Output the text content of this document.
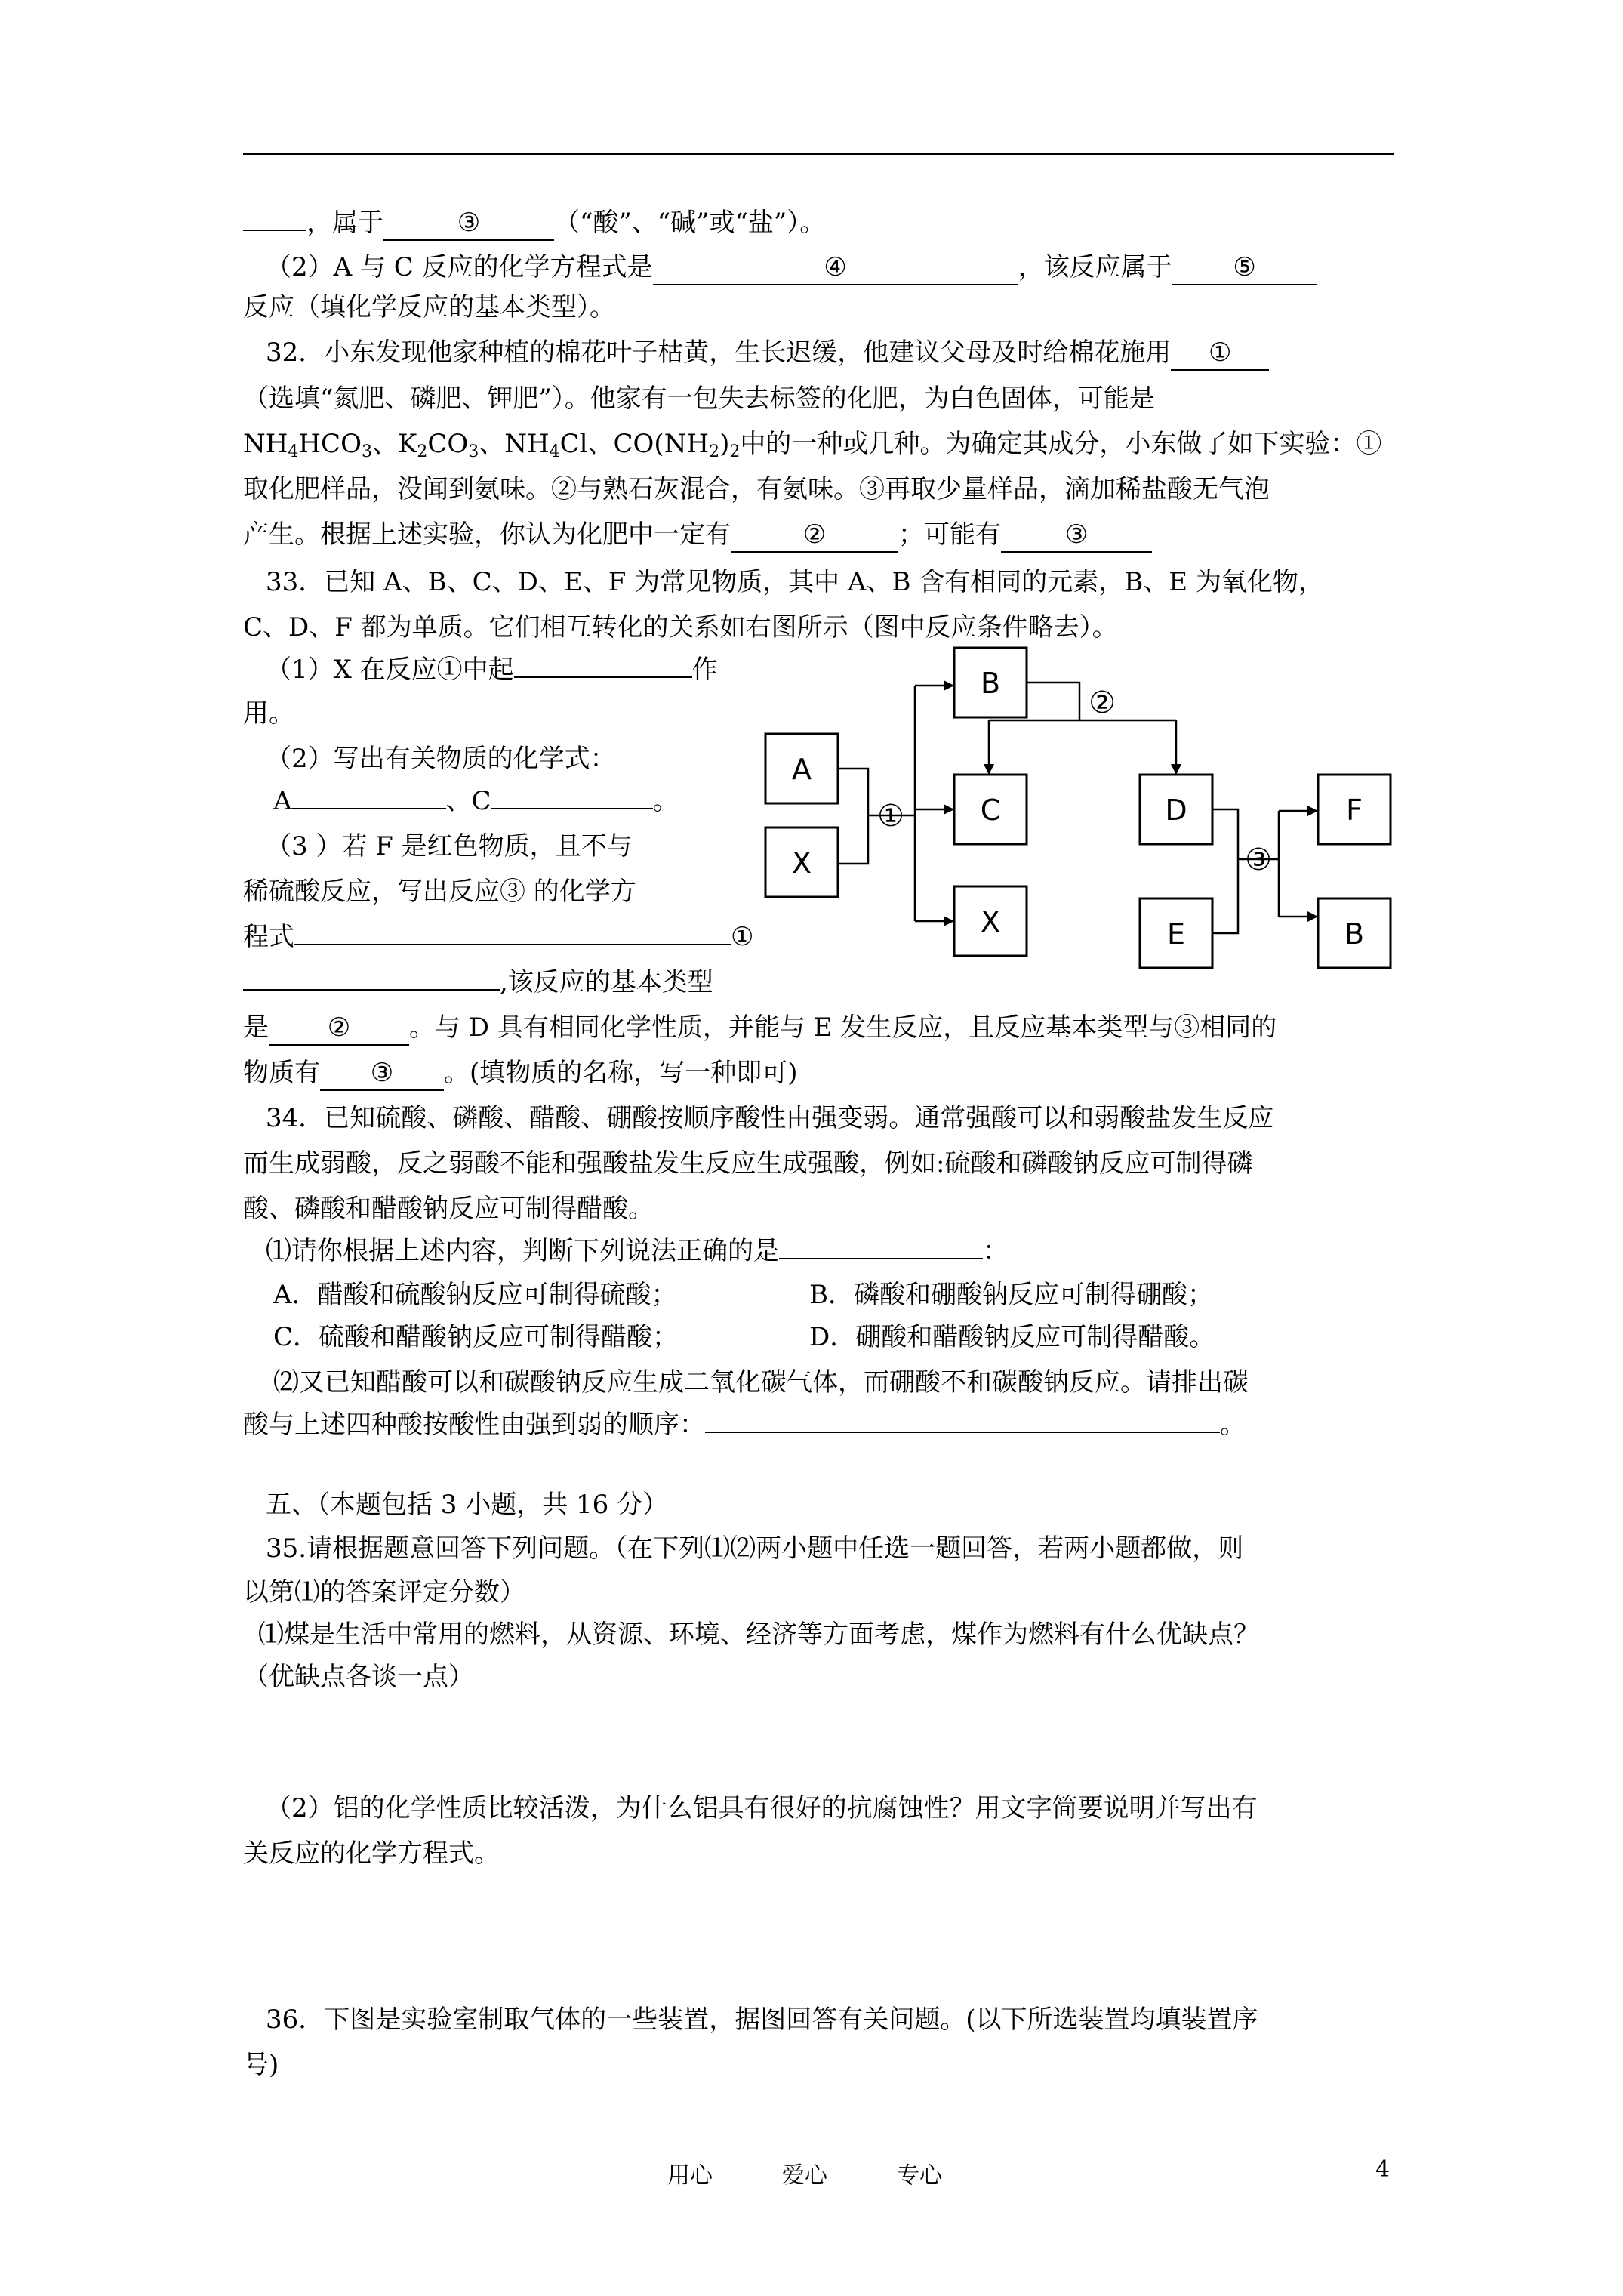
，属于	③	（“酸”、“碱”或“盐”）。
（2）A 与 C 反应的化学方程式是	④	，该反应属于 ⑤
反应（填化学反应的基本类型）。
32．小东发现他家种植的棉花叶子枯黄，生长迟缓，他建议父母及时给棉花施用 ①
（选填“氮肥、磷肥、钾肥”）。他家有一包失去标签的化肥，为白色固体，可能是
$NH_4HCO_3$、$K_2CO_3$、$NH_4Cl$、$CO(NH_2)_2$中的一种或几种。为确定其成分，小东做了如下实验：①
取化肥样品，没闻到氨味。②与熟石灰混合，有氨味。③再取少量样品，滴加稀盐酸无气泡
产生。根据上述实验，你认为化肥中一定有	②	；可能有 ③
33．已知 A、B、C、D、E、F 为常见物质，其中 A、B 含有相同的元素，B、E 为氧化物，
C、D、F 都为单质。它们相互转化的关系如右图所示（图中反应条件略去）。
（1）X 在反应①中起	作
用。
（2）写出有关物质的化学式：
A	、C	。
（3 ）若 F 是红色物质，且不与
稀硫酸反应，写出反应③ 的化学方
程式	①
,该反应的基本类型
是 ② 。与 D 具有相同化学性质，并能与 E 发生反应，且反应基本类型与③相同的
物质有 ③ 。(填物质的名称，写一种即可)
A
X
B
C
X
D
E
F
B
①
②
③
34．已知硫酸、磷酸、醋酸、硼酸按顺序酸性由强变弱。通常强酸可以和弱酸盐发生反应
而生成弱酸，反之弱酸不能和强酸盐发生反应生成强酸，例如:硫酸和磷酸钠反应可制得磷
酸、磷酸和醋酸钠反应可制得醋酸。
⑴请你根据上述内容，判断下列说法正确的是	：
A．醋酸和硫酸钠反应可制得硫酸；	B．磷酸和硼酸钠反应可制得硼酸；
C．硫酸和醋酸钠反应可制得醋酸；	D．硼酸和醋酸钠反应可制得醋酸。
⑵又已知醋酸可以和碳酸钠反应生成二氧化碳气体，而硼酸不和碳酸钠反应。请排出碳
酸与上述四种酸按酸性由强到弱的顺序：	。
五、（本题包括 3 小题，共 16 分）
35.请根据题意回答下列问题。（在下列⑴⑵两小题中任选一题回答，若两小题都做，则
以第⑴的答案评定分数）
⑴煤是生活中常用的燃料，从资源、环境、经济等方面考虑，煤作为燃料有什么优缺点？
（优缺点各谈一点）
（2）铝的化学性质比较活泼，为什么铝具有很好的抗腐蚀性？用文字简要说明并写出有
关反应的化学方程式。
36．下图是实验室制取气体的一些装置，据图回答有关问题。(以下所选装置均填装置序
号)
用心	爱心	专心	4
